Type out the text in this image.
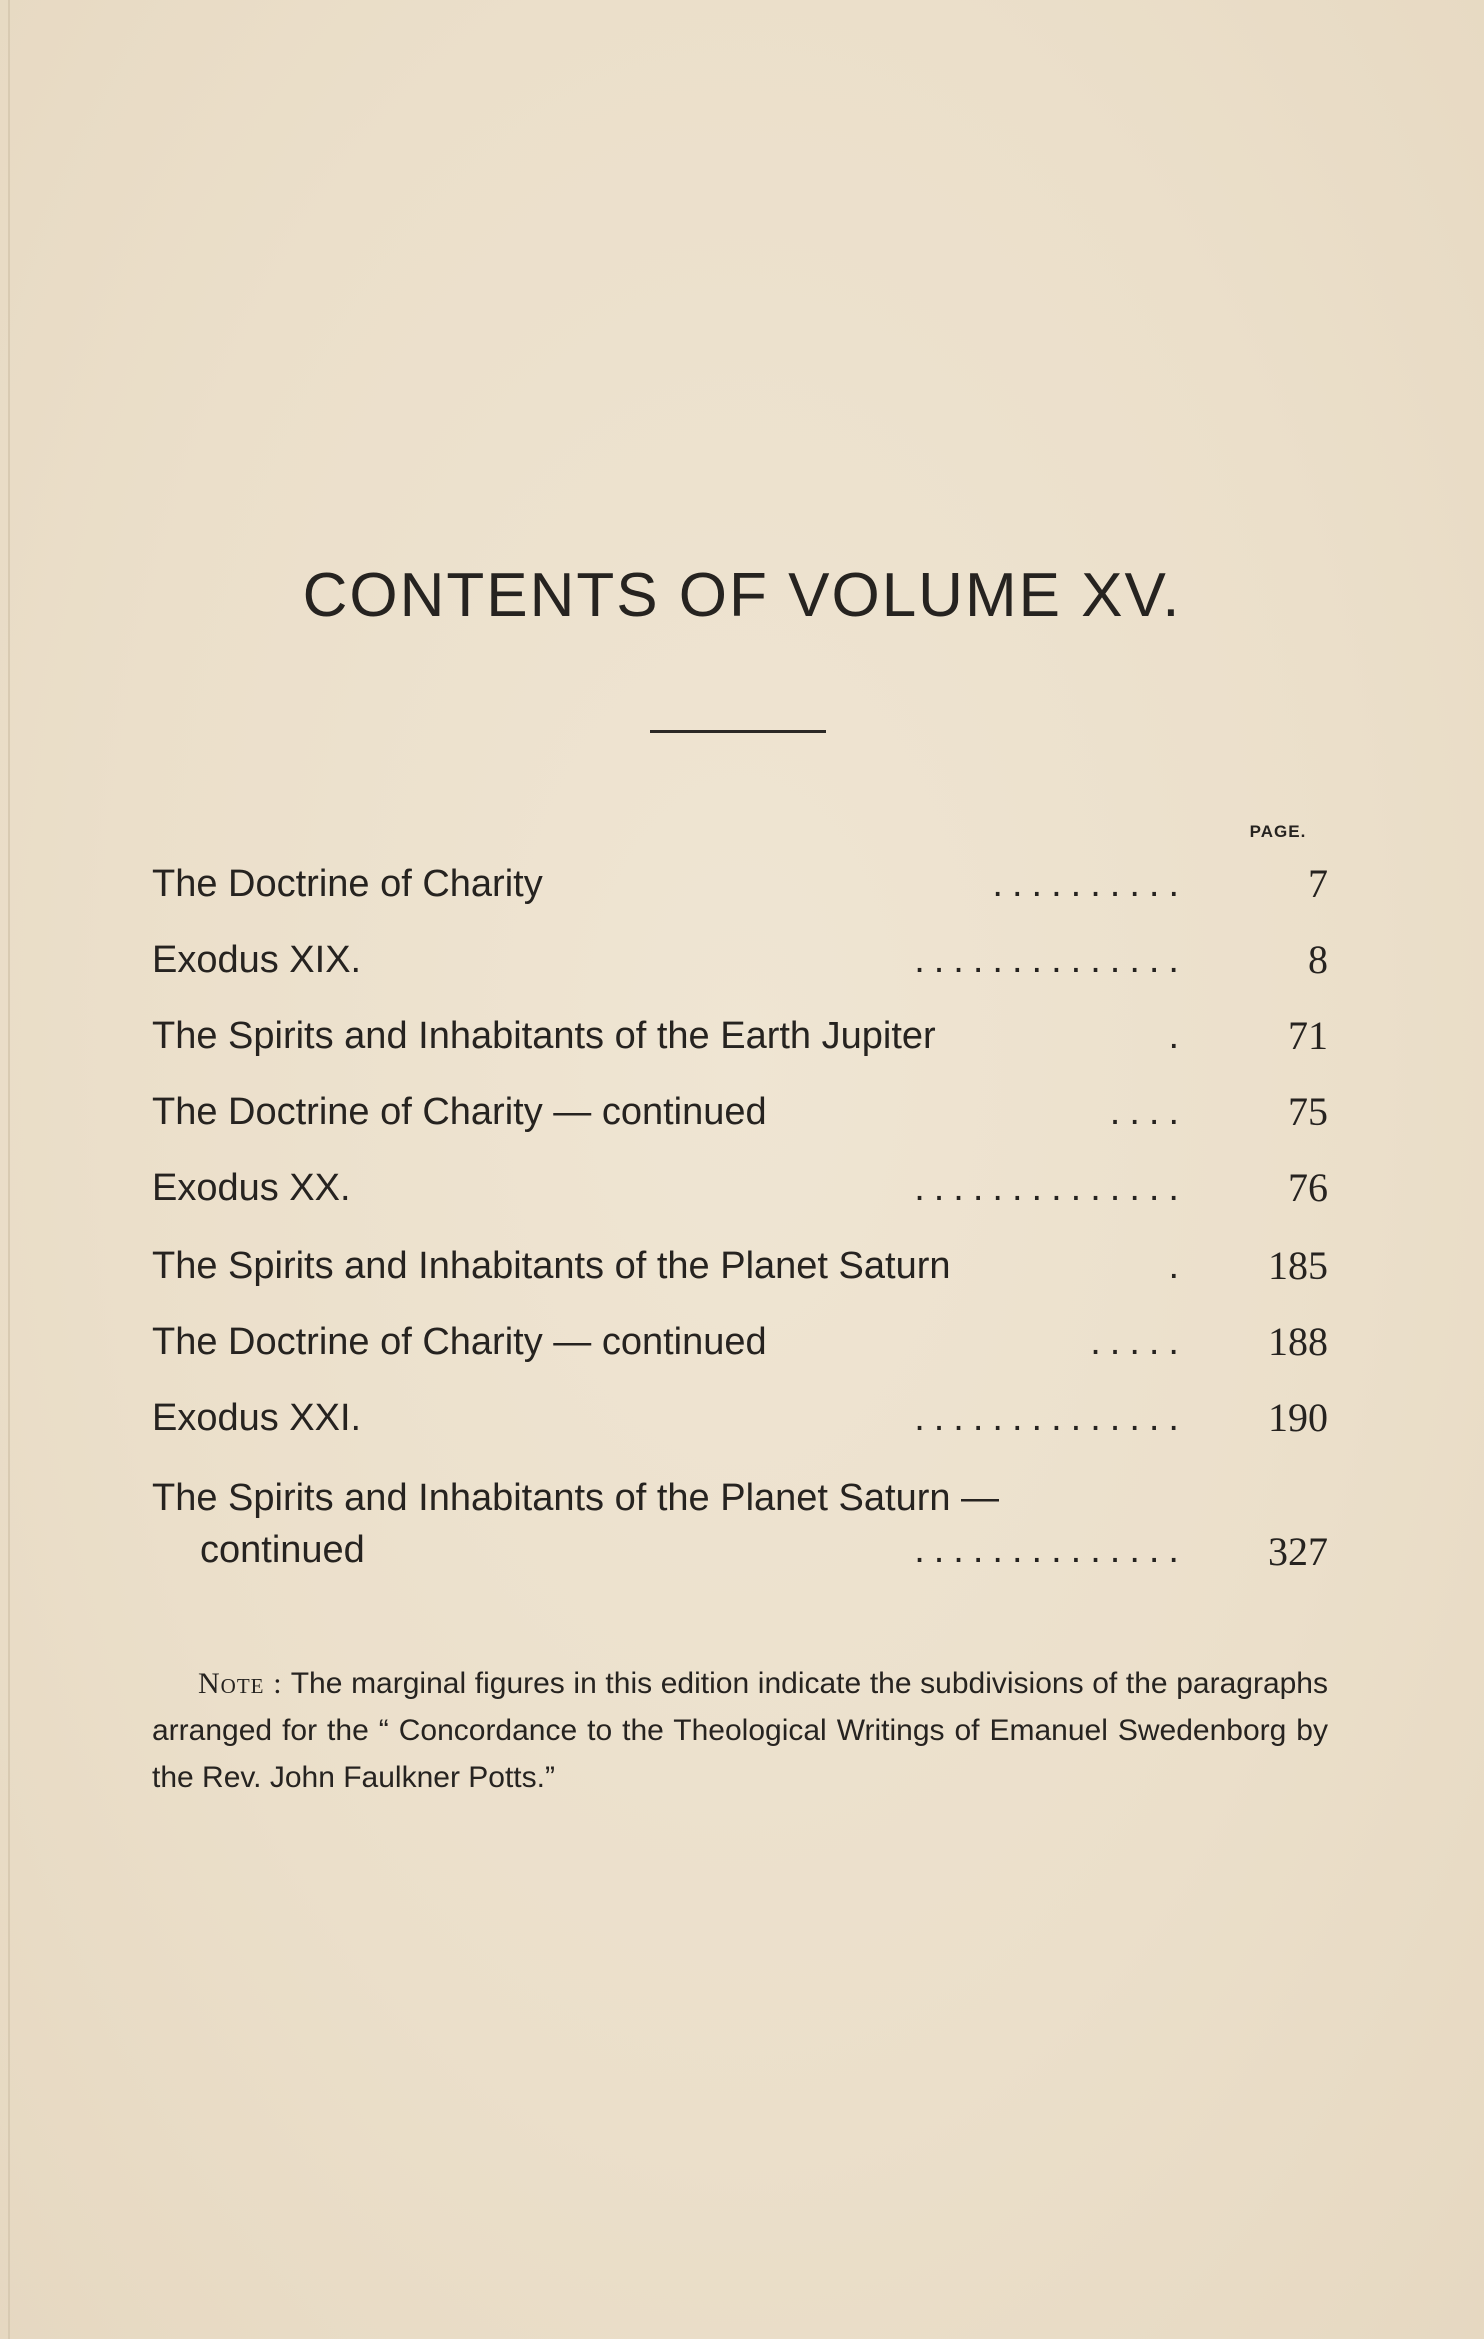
CONTENTS OF VOLUME XV.
PAGE.
The Doctrine of Charity	..........	7
Exodus XIX.	..............	8
The Spirits and Inhabitants of the Earth Jupiter	.	71
The Doctrine of Charity — continued	....	75
Exodus XX.	..............	76
The Spirits and Inhabitants of the Planet Saturn	.	185
The Doctrine of Charity — continued	.....	188
Exodus XXI.	..............	190
The Spirits and Inhabitants of the Planet Saturn —
continued	..............	327

Note : The marginal figures in this edition indicate the subdivisions of the paragraphs arranged for the “ Concordance to the Theological Writings of Emanuel Swedenborg by the Rev. John Faulkner Potts.”
